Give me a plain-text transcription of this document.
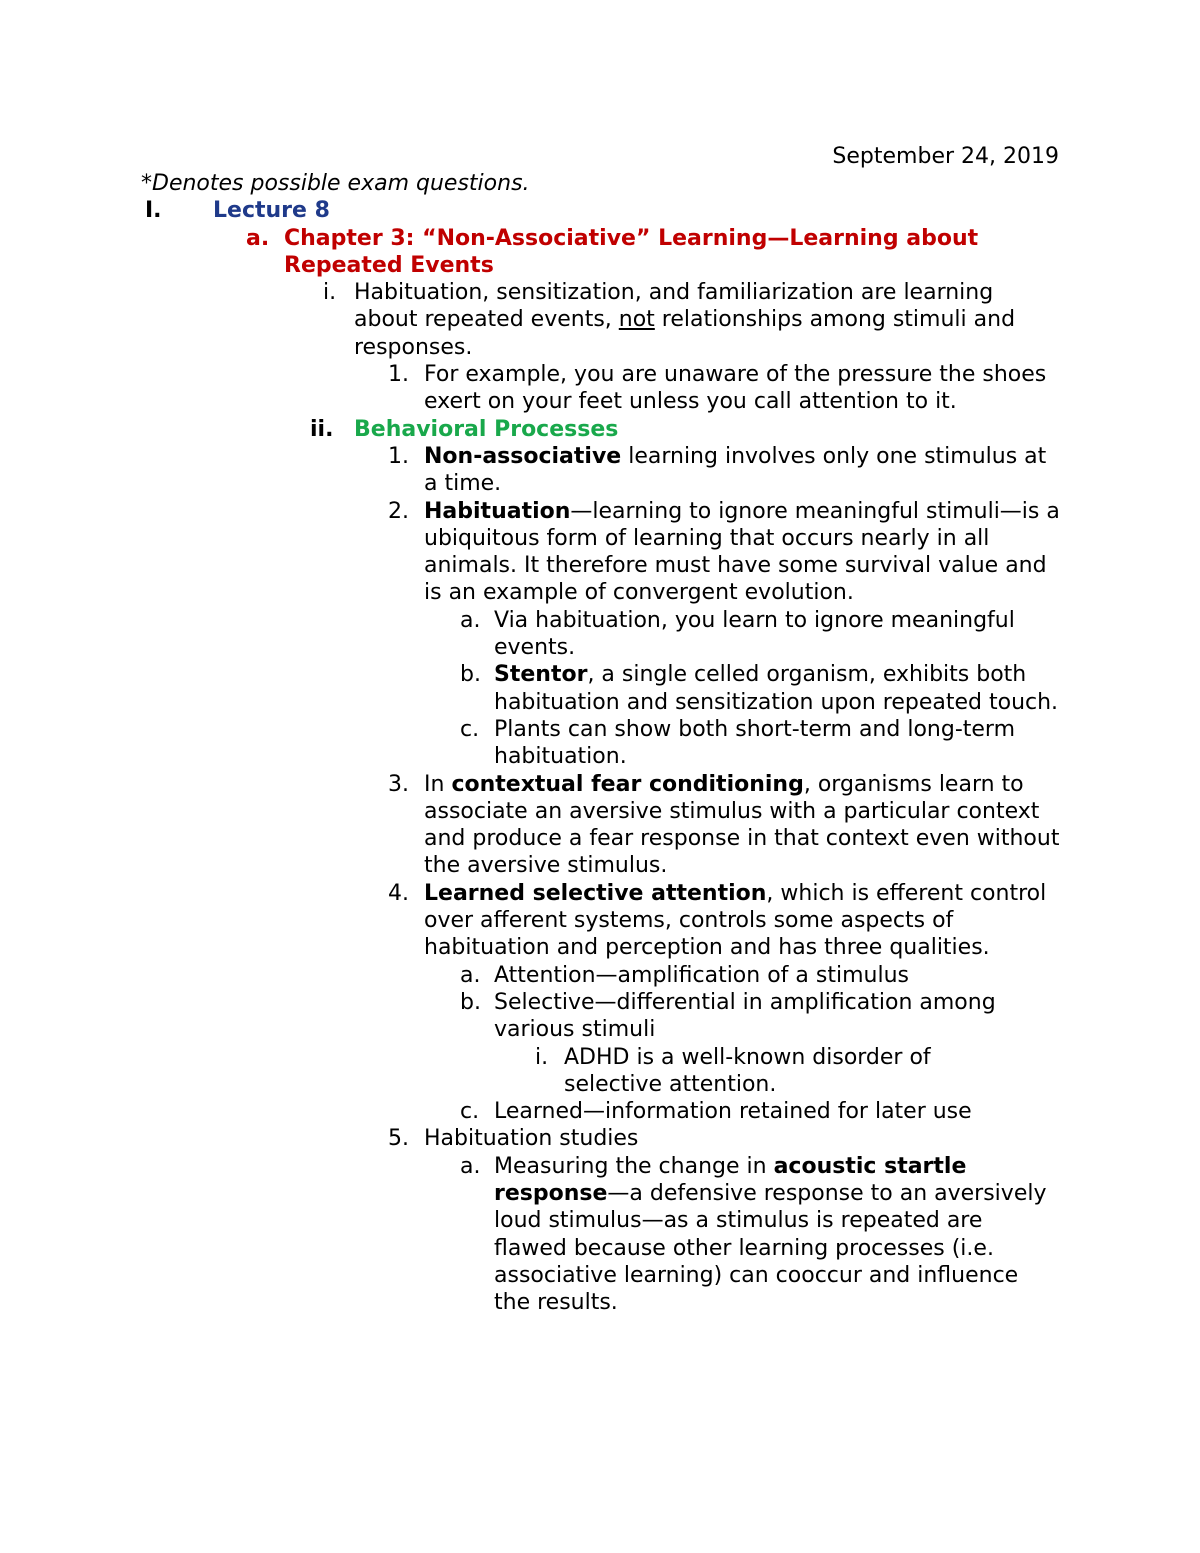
September 24, 2019
*Denotes possible exam questions.
I. Lecture 8
a. Chapter 3: “Non-Associative” Learning—Learning about Repeated Events
i. Habituation, sensitization, and familiarization are learning about repeated events, not relationships among stimuli and responses.
1. For example, you are unaware of the pressure the shoes exert on your feet unless you call attention to it.
ii. Behavioral Processes
1. Non-associative learning involves only one stimulus at a time.
2. Habituation—learning to ignore meaningful stimuli—is a ubiquitous form of learning that occurs nearly in all animals. It therefore must have some survival value and is an example of convergent evolution.
a. Via habituation, you learn to ignore meaningful events.
b. Stentor, a single celled organism, exhibits both habituation and sensitization upon repeated touch.
c. Plants can show both short-term and long-term habituation.
3. In contextual fear conditioning, organisms learn to associate an aversive stimulus with a particular context and produce a fear response in that context even without the aversive stimulus.
4. Learned selective attention, which is efferent control over afferent systems, controls some aspects of habituation and perception and has three qualities.
a. Attention—amplification of a stimulus
b. Selective—differential in amplification among various stimuli
i. ADHD is a well-known disorder of selective attention.
c. Learned—information retained for later use
5. Habituation studies
a. Measuring the change in acoustic startle response—a defensive response to an aversively loud stimulus—as a stimulus is repeated are flawed because other learning processes (i.e. associative learning) can cooccur and influence the results.
